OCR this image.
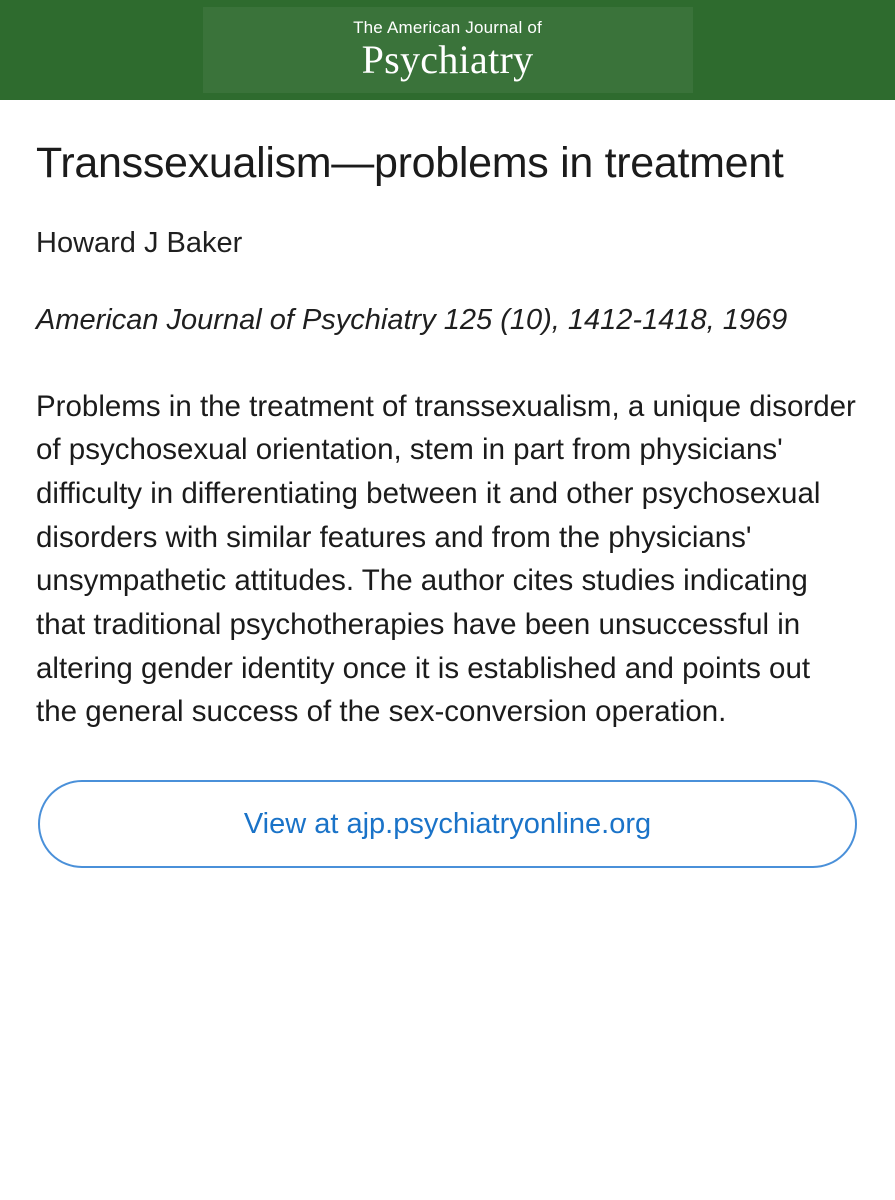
The American Journal of
Psychiatry
Transsexualism—problems in treatment
Howard J Baker
American Journal of Psychiatry 125 (10), 1412-1418, 1969
Problems in the treatment of transsexualism, a unique disorder of psychosexual orientation, stem in part from physicians' difficulty in differentiating between it and other psychosexual disorders with similar features and from the physicians' unsympathetic attitudes. The author cites studies indicating that traditional psychotherapies have been unsuccessful in altering gender identity once it is established and points out the general success of the sex-conversion operation.
View at ajp.psychiatryonline.org
